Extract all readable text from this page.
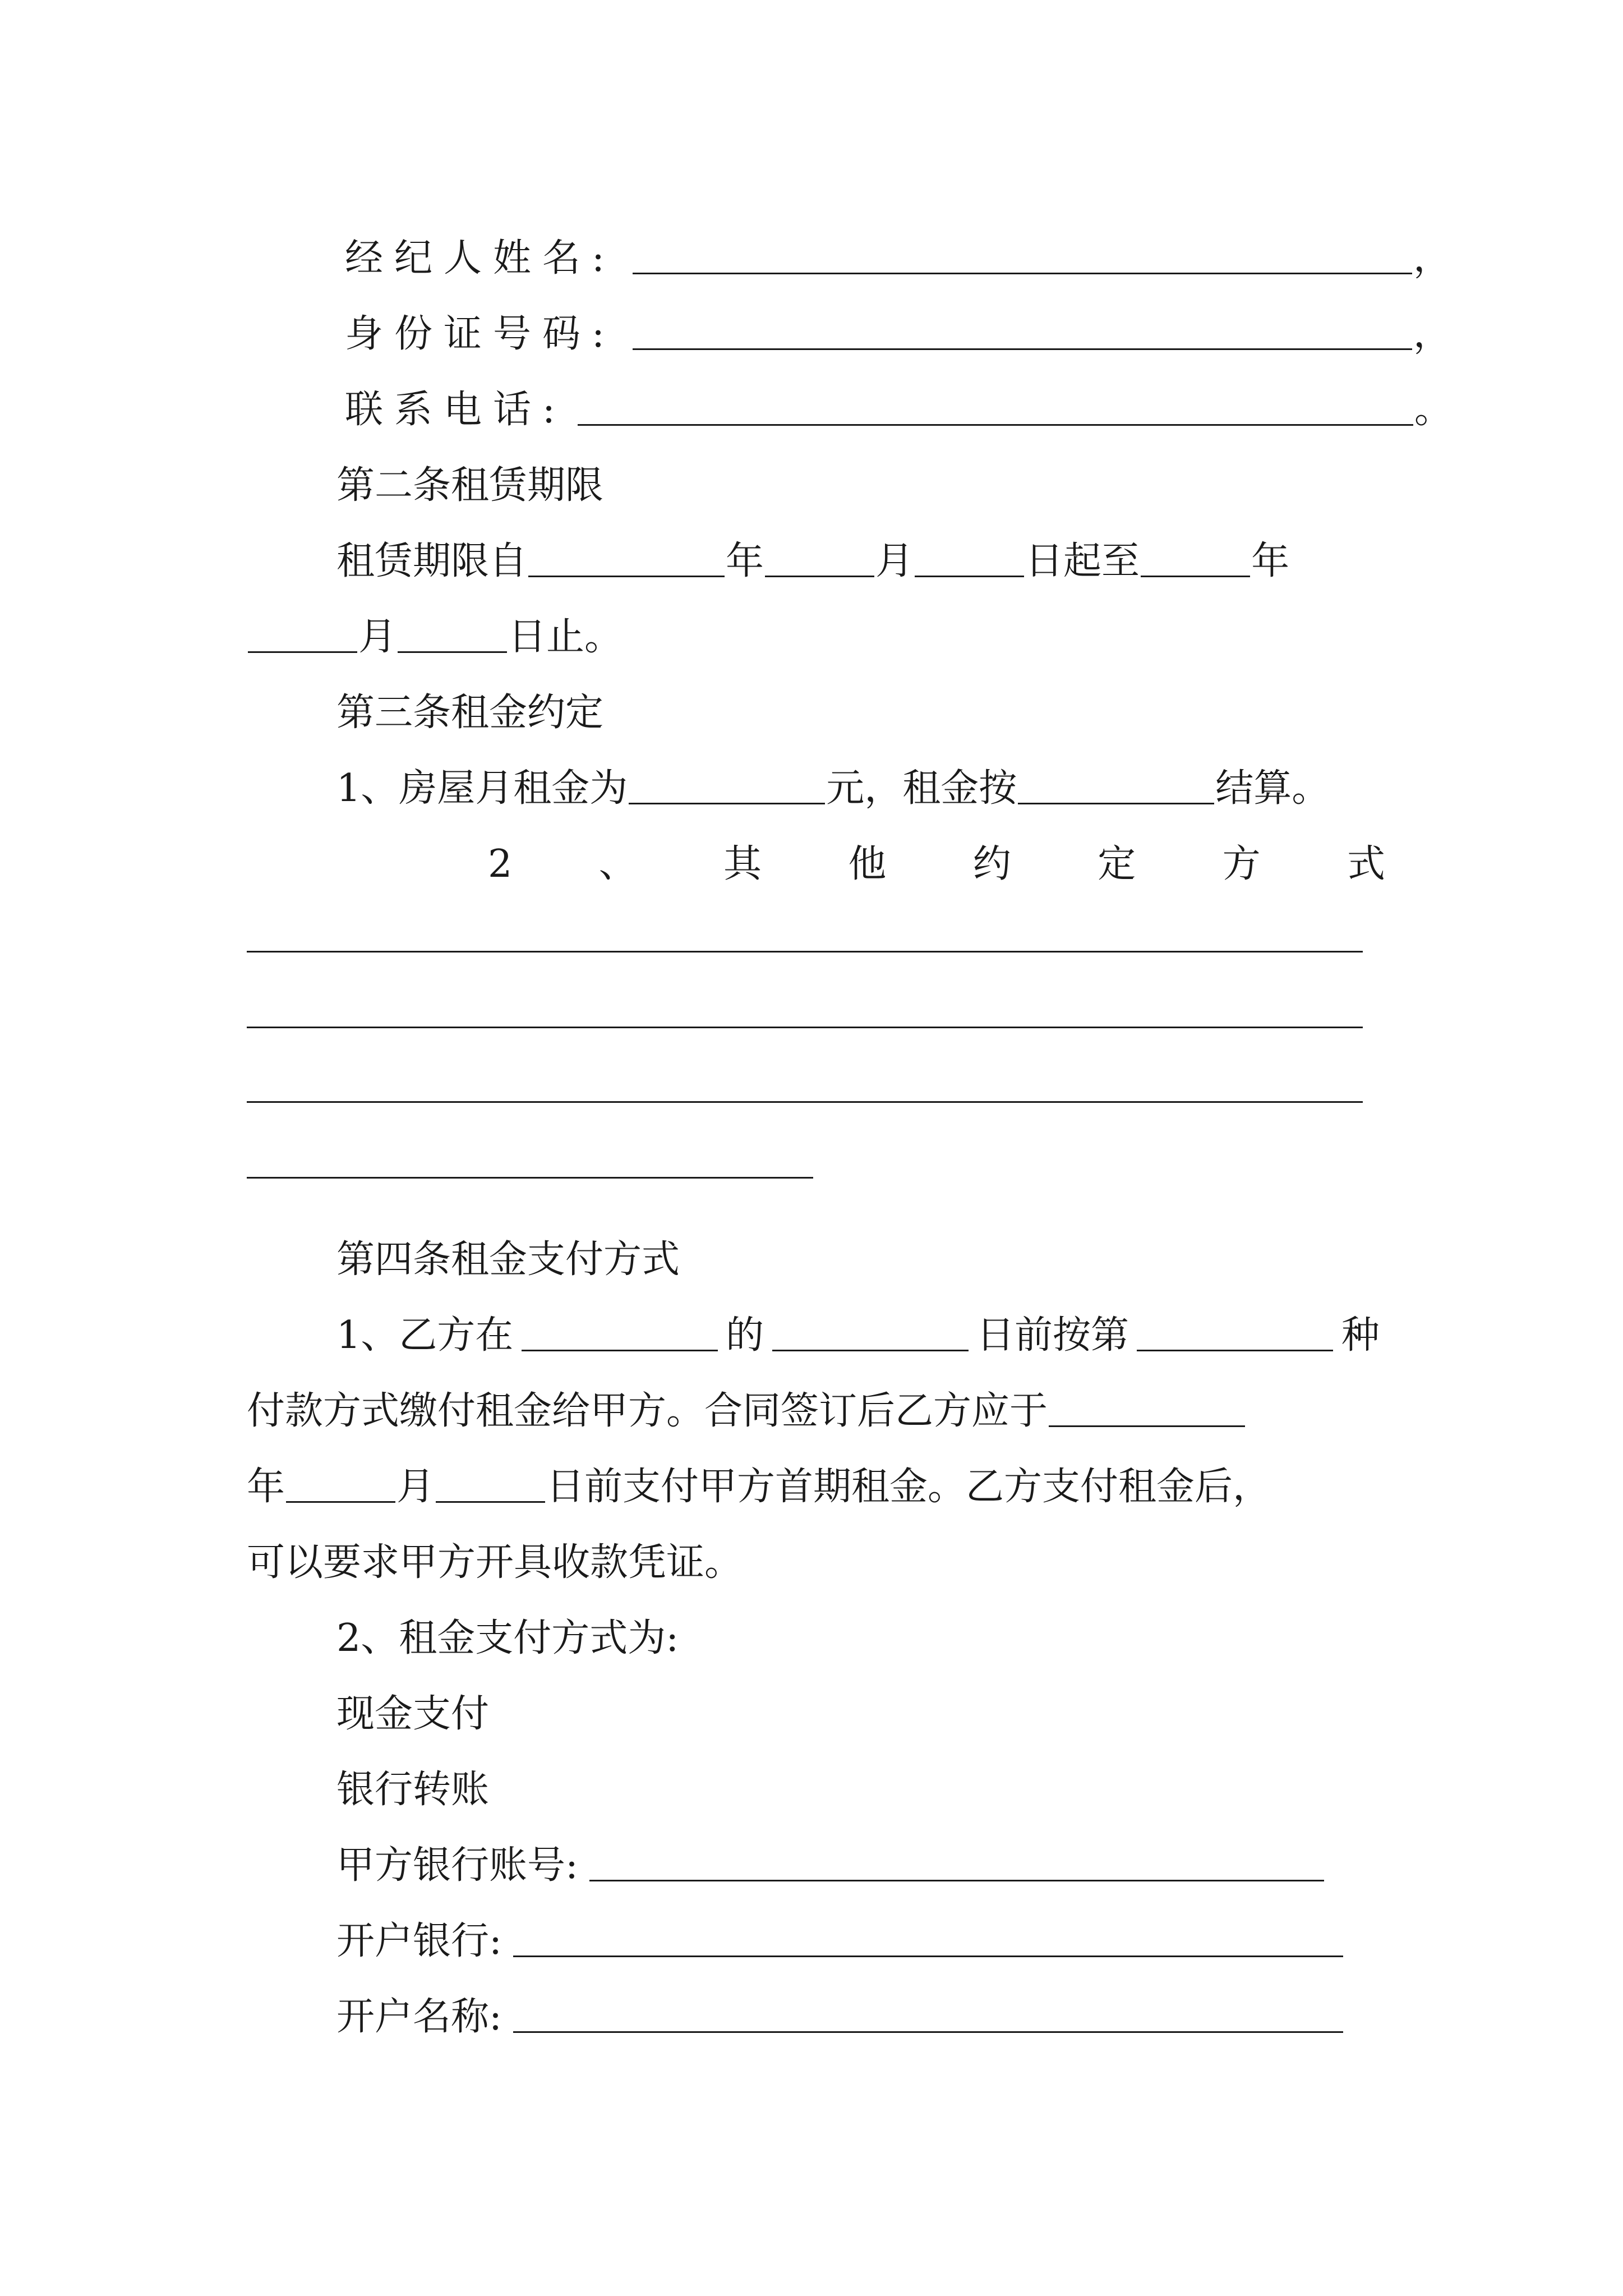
经纪人姓名:	，
身份证号码:	，
联系电话:	。
第二条租赁期限
租赁期限自	年	月	日起至	年
月	日止。
第三条租金约定
1、房屋月租金为	元，租金按	结算。
2 、 其 他 约 定 方 式
第四条租金支付方式
1、乙方在	的	日前按第	种
付款方式缴付租金给甲方。合同签订后乙方应于
年	月	日前支付甲方首期租金。乙方支付租金后，
可以要求甲方开具收款凭证。
2、租金支付方式为:
现金支付
银行转账
甲方银行账号:
开户银行:
开户名称:
